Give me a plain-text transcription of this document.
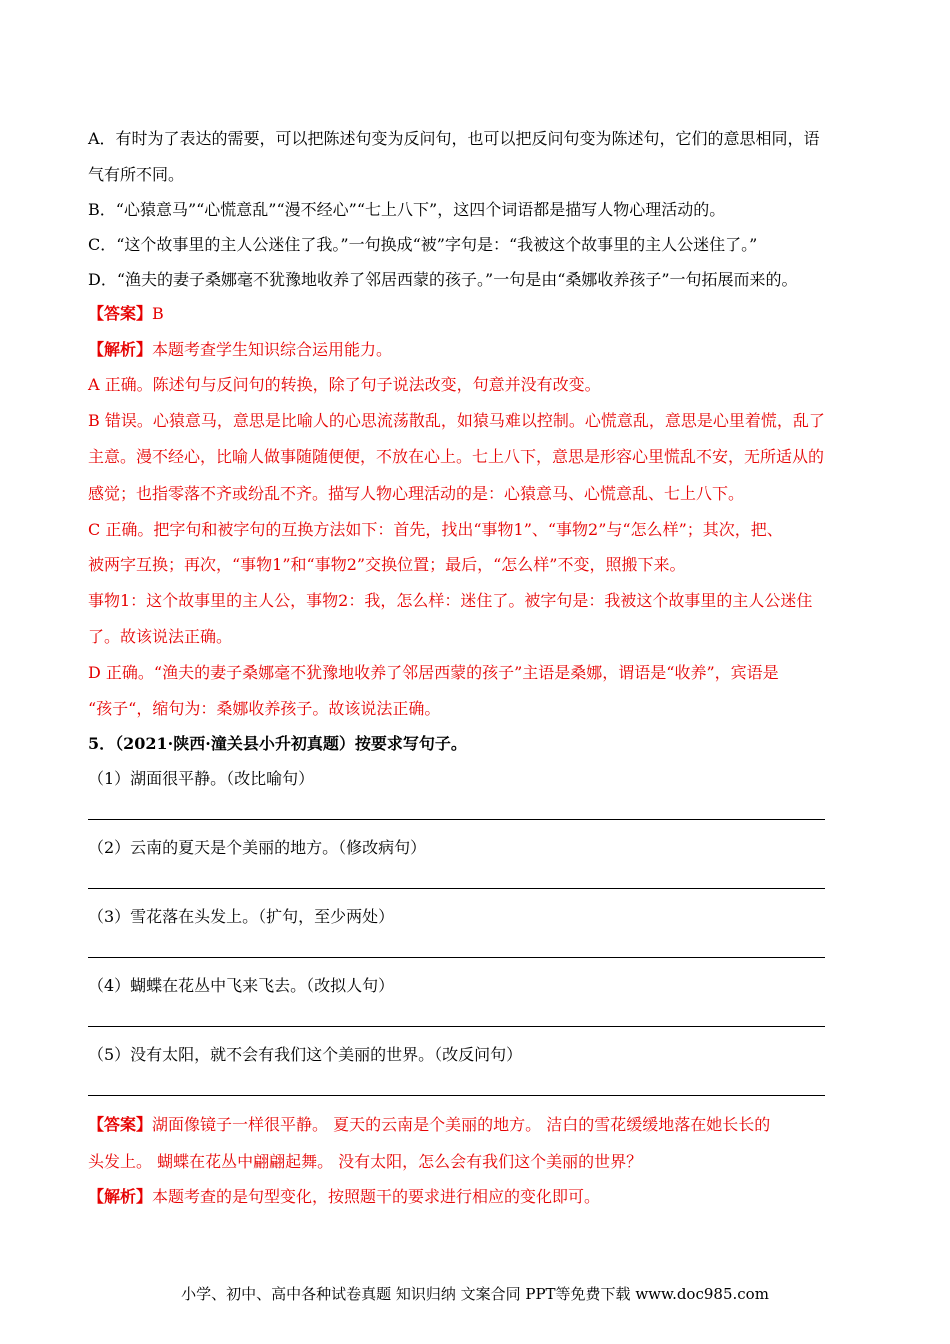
A．有时为了表达的需要，可以把陈述句变为反问句，也可以把反问句变为陈述句，它们的意思相同，语
气有所不同。
B．“心猿意马”“心慌意乱”“漫不经心”“七上八下”，这四个词语都是描写人物心理活动的。
C．“这个故事里的主人公迷住了我。”一句换成“被”字句是：“我被这个故事里的主人公迷住了。”
D．“渔夫的妻子桑娜毫不犹豫地收养了邻居西蒙的孩子。”一句是由“桑娜收养孩子”一句拓展而来的。
【答案】B
【解析】本题考查学生知识综合运用能力。
A 正确。陈述句与反问句的转换，除了句子说法改变，句意并没有改变。
B 错误。心猿意马，意思是比喻人的心思流荡散乱，如猿马难以控制。心慌意乱，意思是心里着慌，乱了
主意。漫不经心，比喻人做事随随便便，不放在心上。七上八下，意思是形容心里慌乱不安，无所适从的
感觉；也指零落不齐或纷乱不齐。描写人物心理活动的是：心猿意马、心慌意乱、七上八下。
C 正确。把字句和被字句的互换方法如下：首先，找出“事物1”、“事物2”与“怎么样”；其次，把、
被两字互换；再次，“事物1”和“事物2”交换位置；最后，“怎么样”不变，照搬下来。
事物1：这个故事里的主人公，事物2：我，怎么样：迷住了。被字句是：我被这个故事里的主人公迷住
了。故该说法正确。
D 正确。“渔夫的妻子桑娜毫不犹豫地收养了邻居西蒙的孩子”主语是桑娜，谓语是“收养”，宾语是
“孩子“，缩句为：桑娜收养孩子。故该说法正确。
5．（2021·陕西·潼关县小升初真题）按要求写句子。
（1）湖面很平静。（改比喻句）
（2）云南的夏天是个美丽的地方。（修改病句）
（3）雪花落在头发上。（扩句，至少两处）
（4）蝴蝶在花丛中飞来飞去。（改拟人句）
（5）没有太阳，就不会有我们这个美丽的世界。（改反问句）
【答案】湖面像镜子一样很平静。 夏天的云南是个美丽的地方。 洁白的雪花缓缓地落在她长长的
头发上。 蝴蝶在花丛中翩翩起舞。 没有太阳，怎么会有我们这个美丽的世界？
【解析】本题考查的是句型变化，按照题干的要求进行相应的变化即可。
小学、初中、高中各种试卷真题 知识归纳 文案合同 PPT等免费下载 www.doc985.com
